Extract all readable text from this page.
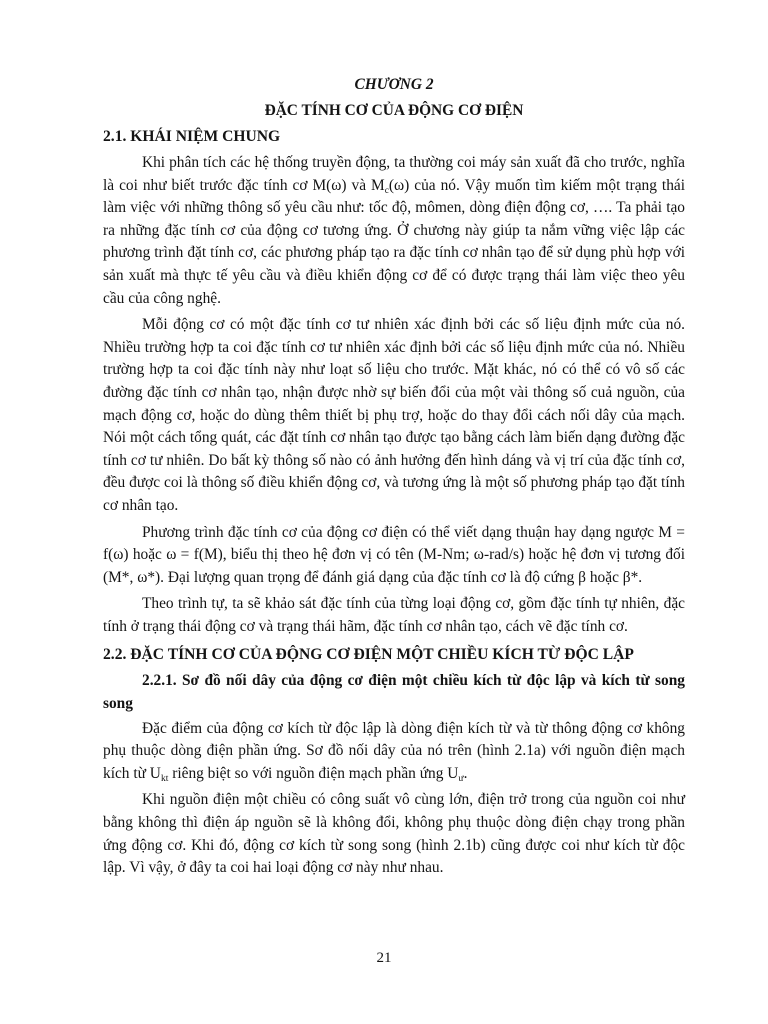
CHƯƠNG 2

ĐẶC TÍNH CƠ CỦA ĐỘNG CƠ ĐIỆN

2.1. KHÁI NIỆM CHUNG

Khi phân tích các hệ thống truyền động, ta thường coi máy sản xuất đã cho trước, nghĩa là coi như biết trước đặc tính cơ M(ω) và $M_c(\omega)$ của nó. Vậy muốn tìm kiếm một trạng thái làm việc với những thông số yêu cầu như: tốc độ, mômen, dòng điện động cơ, …. Ta phải tạo ra những đặc tính cơ của động cơ tương ứng. Ở chương này giúp ta nắm vững việc lập các phương trình đặt tính cơ, các phương pháp tạo ra đặc tính cơ nhân tạo để sử dụng phù hợp với sản xuất mà thực tế yêu cầu và điều khiển động cơ để có được trạng thái làm việc theo yêu cầu của công nghệ.

Mỗi động cơ có một đặc tính cơ tư nhiên xác định bởi các số liệu định mức của nó. Nhiều trường hợp ta coi đặc tính cơ tư nhiên xác định bởi các số liệu định mức của nó. Nhiều trường hợp ta coi đặc tính này như loạt số liệu cho trước. Mặt khác, nó có thể có vô số các đường đặc tính cơ nhân tạo, nhận được nhờ sự biến đổi của một vài thông số cuả nguồn, của mạch động cơ, hoặc do dùng thêm thiết bị phụ trợ, hoặc do thay đổi cách nối dây của mạch. Nói một cách tổng quát, các đặt tính cơ nhân tạo được tạo bằng cách làm biến dạng đường đặc tính cơ tư nhiên. Do bất kỳ thông số nào có ảnh hưởng đến hình dáng và vị trí của đặc tính cơ, đều được coi là thông số điều khiển động cơ, và tương ứng là một số phương pháp tạo đặt tính cơ nhân tạo.

Phương trình đặc tính cơ của động cơ điện có thể viết dạng thuận hay dạng ngược M = f(ω) hoặc ω = f(M), biểu thị theo hệ đơn vị có tên (M-Nm; ω-rad/s) hoặc hệ đơn vị tương đối (M*, ω*). Đại lượng quan trọng để đánh giá dạng của đặc tính cơ là độ cứng β hoặc β*.

Theo trình tự, ta sẽ khảo sát đặc tính của từng loại động cơ, gồm đặc tính tự nhiên, đặc tính ở trạng thái động cơ và trạng thái hãm, đặc tính cơ nhân tạo, cách vẽ đặc tính cơ.

2.2. ĐẶC TÍNH CƠ CỦA ĐỘNG CƠ ĐIỆN MỘT CHIỀU KÍCH TỪ ĐỘC LẬP

2.2.1. Sơ đồ nối dây của động cơ điện một chiều kích từ độc lập và kích từ song song

Đặc điểm của động cơ kích từ độc lập là dòng điện kích từ và từ thông động cơ không phụ thuộc dòng điện phần ứng. Sơ đồ nối dây của nó trên (hình 2.1a) với nguồn điện mạch kích từ $U_{kt}$ riêng biệt so với nguồn điện mạch phần ứng $U_ư$.

Khi nguồn điện một chiều có công suất vô cùng lớn, điện trở trong của nguồn coi như bằng không thì điện áp nguồn sẽ là không đổi, không phụ thuộc dòng điện chạy trong phần ứng động cơ. Khi đó, động cơ kích từ song song (hình 2.1b) cũng được coi như kích từ độc lập. Vì vậy, ở đây ta coi hai loại động cơ này như nhau.

21
